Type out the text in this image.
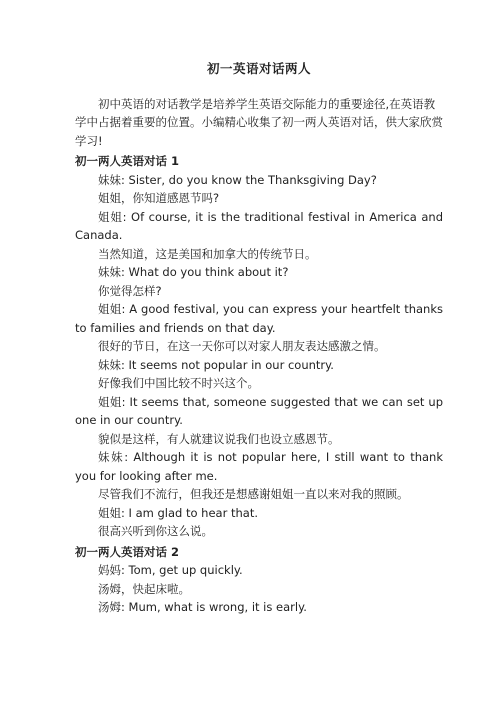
初一英语对话两人
初中英语的对话教学是培养学生英语交际能力的重要途径,在英语教学中占据着重要的位置。小编精心收集了初一两人英语对话，供大家欣赏学习!
初一两人英语对话 1
妹妹: Sister, do you know the Thanksgiving Day?
姐姐，你知道感恩节吗?
姐姐: Of course, it is the traditional festival in America and Canada.
当然知道，这是美国和加拿大的传统节日。
妹妹: What do you think about it?
你觉得怎样?
姐姐: A good festival, you can express your heartfelt thanks to families and friends on that day.
很好的节日，在这一天你可以对家人朋友表达感激之情。
妹妹: It seems not popular in our country.
好像我们中国比较不时兴这个。
姐姐: It seems that, someone suggested that we can set up one in our country.
貌似是这样，有人就建议说我们也设立感恩节。
妹妹: Although it is not popular here, I still want to thank you for looking after me.
尽管我们不流行，但我还是想感谢姐姐一直以来对我的照顾。
姐姐: I am glad to hear that.
很高兴听到你这么说。
初一两人英语对话 2
妈妈: Tom, get up quickly.
汤姆，快起床啦。
汤姆: Mum, what is wrong, it is early.
